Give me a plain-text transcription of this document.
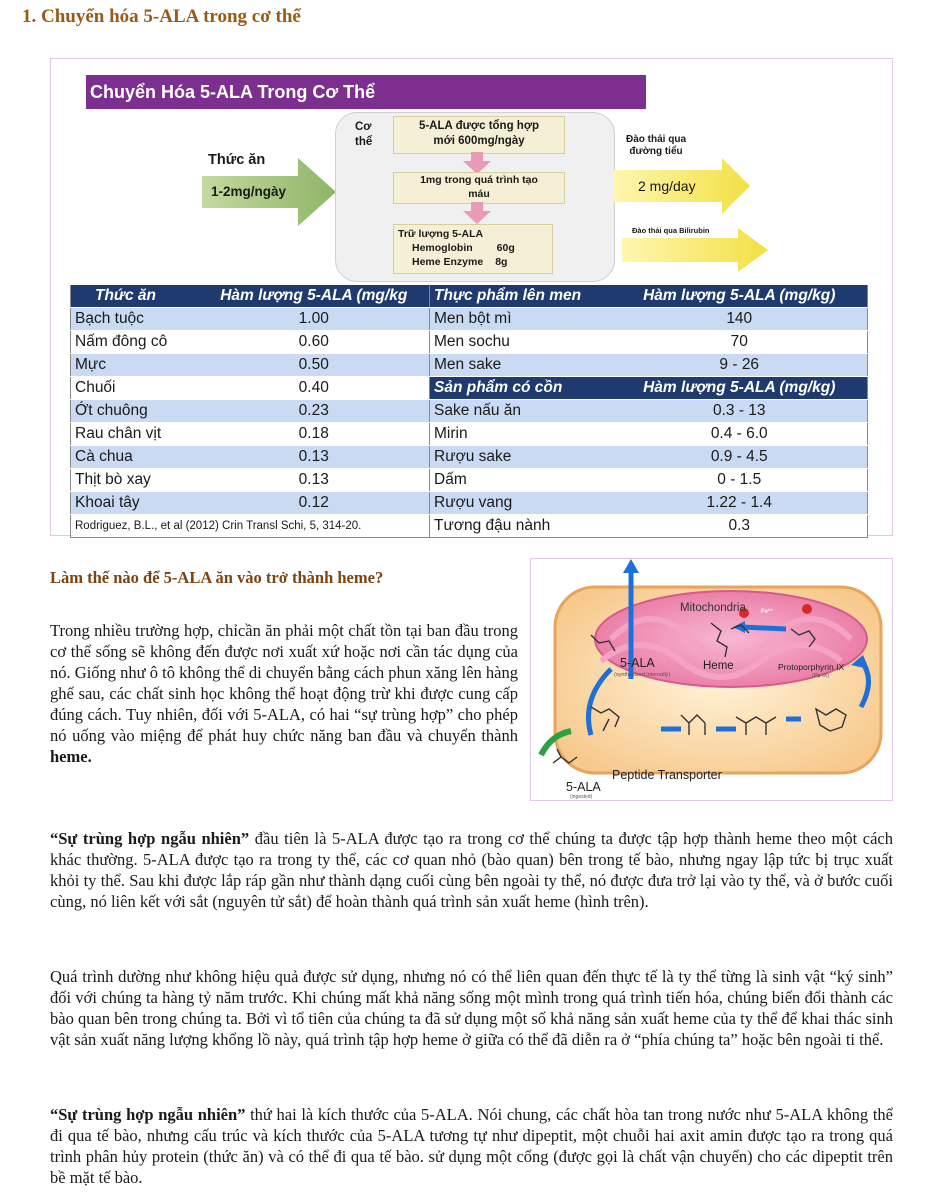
1. Chuyển hóa 5-ALA trong cơ thể
Chuyển Hóa 5-ALA Trong Cơ Thể
Thức ăn
1-2mg/ngày
Cơ
thể
5-ALA được tổng hợp
mới 600mg/ngày
1mg trong quá trình tạo
máu
Trữ lượng 5-ALA
Hemoglobin 60g
Heme Enzyme 8g
Đào thải qua
đường tiểu
2 mg/day
Đào thải qua Bilirubin
Thức ăn	Hàm lượng 5-ALA (mg/kg	Thực phẩm lên men	Hàm lượng 5-ALA (mg/kg)
Bạch tuộc	1.00	Men bột mì	140
Nấm đông cô	0.60	Men sochu	70
Mực	0.50	Men sake	9 - 26
Chuối	0.40	Sản phẩm có cồn	Hàm lượng 5-ALA (mg/kg)
Ớt chuông	0.23	Sake nấu ăn	0.3 - 13
Rau chân vịt	0.18	Mirin	0.4 - 6.0
Cà chua	0.13	Rượu sake	0.9 - 4.5
Thịt bò xay	0.13	Dấm	0 - 1.5
Khoai tây	0.12	Rượu vang	1.22 - 1.4
Rodriguez, B.L., et al (2012) Crin Transl Schi, 5, 314-20.		Tương đậu nành	0.3
Làm thế nào để 5-ALA ăn vào trở thành heme?

Trong nhiều trường hợp, chỉcần ăn phải một chất tồn tại ban đầu trong cơ thể sống sẽ không đến được nơi xuất xứ hoặc nơi cần tác dụng của nó. Giống như ô tô không thể di chuyển bằng cách phun xăng lên hàng ghế sau, các chất sinh học không thể hoạt động trừ khi được cung cấp đúng cách. Tuy nhiên, đối với 5-ALA, có hai “sự trùng hợp” cho phép nó uống vào miệng để phát huy chức năng ban đầu và chuyển thành heme.

Mitochondria	Fe²⁺
5-ALA
(synthesized internally)
Heme	Protoporphyrin IX
(Pp IX)
Peptide Transporter
5-ALA
(ingested)

“Sự trùng hợp ngẫu nhiên” đầu tiên là 5-ALA được tạo ra trong cơ thể chúng ta được tập hợp thành heme theo một cách khác thường. 5-ALA được tạo ra trong ty thể, các cơ quan nhỏ (bào quan) bên trong tế bào, nhưng ngay lập tức bị trục xuất khỏi ty thể. Sau khi được lắp ráp gần như thành dạng cuối cùng bên ngoài ty thể, nó được đưa trở lại vào ty thể, và ở bước cuối cùng, nó liên kết với sắt (nguyên tử sắt) để hoàn thành quá trình sản xuất heme (hình trên).

Quá trình dường như không hiệu quả được sử dụng, nhưng nó có thể liên quan đến thực tế là ty thể từng là sinh vật “ký sinh” đối với chúng ta hàng tỷ năm trước. Khi chúng mất khả năng sống một mình trong quá trình tiến hóa, chúng biến đổi thành các bào quan bên trong chúng ta. Bởi vì tổ tiên của chúng ta đã sử dụng một số khả năng sản xuất heme của ty thể để khai thác sinh vật sản xuất năng lượng khổng lồ này, quá trình tập hợp heme ở giữa có thể đã diễn ra ở “phía chúng ta” hoặc bên ngoài ti thể.

“Sự trùng hợp ngẫu nhiên” thứ hai là kích thước của 5-ALA. Nói chung, các chất hòa tan trong nước như 5-ALA không thể đi qua tế bào, nhưng cấu trúc và kích thước của 5-ALA tương tự như dipeptit, một chuỗi hai axit amin được tạo ra trong quá trình phân hủy protein (thức ăn) và có thể đi qua tế bào. sử dụng một cổng (được gọi là chất vận chuyển) cho các dipeptit trên bề mặt tế bào.
